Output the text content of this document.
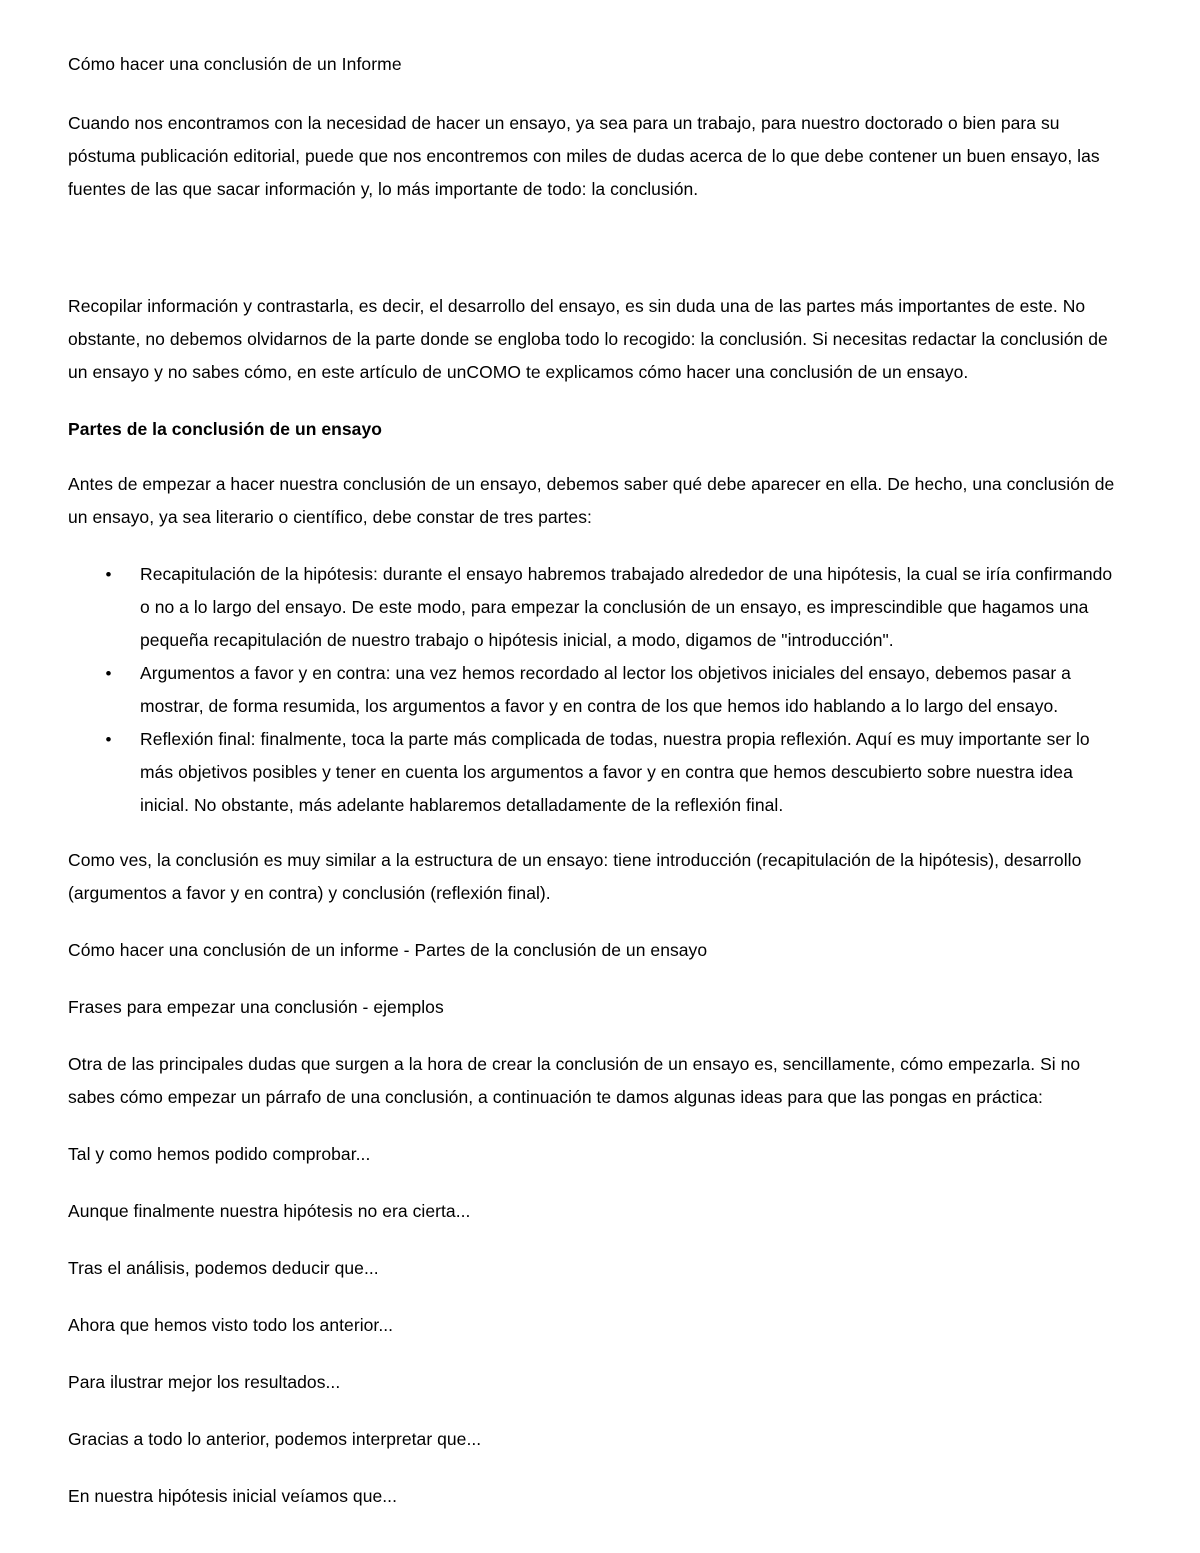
Cómo hacer una conclusión de un Informe

Cuando nos encontramos con la necesidad de hacer un ensayo, ya sea para un trabajo, para nuestro doctorado o bien para su póstuma publicación editorial, puede que nos encontremos con miles de dudas acerca de lo que debe contener un buen ensayo, las fuentes de las que sacar información y, lo más importante de todo: la conclusión.

Recopilar información y contrastarla, es decir, el desarrollo del ensayo, es sin duda una de las partes más importantes de este. No obstante, no debemos olvidarnos de la parte donde se engloba todo lo recogido: la conclusión. Si necesitas redactar la conclusión de un ensayo y no sabes cómo, en este artículo de unCOMO te explicamos cómo hacer una conclusión de un ensayo.

Partes de la conclusión de un ensayo

Antes de empezar a hacer nuestra conclusión de un ensayo, debemos saber qué debe aparecer en ella. De hecho, una conclusión de un ensayo, ya sea literario o científico, debe constar de tres partes:

• Recapitulación de la hipótesis: durante el ensayo habremos trabajado alrededor de una hipótesis, la cual se iría confirmando o no a lo largo del ensayo. De este modo, para empezar la conclusión de un ensayo, es imprescindible que hagamos una pequeña recapitulación de nuestro trabajo o hipótesis inicial, a modo, digamos de "introducción".
• Argumentos a favor y en contra: una vez hemos recordado al lector los objetivos iniciales del ensayo, debemos pasar a mostrar, de forma resumida, los argumentos a favor y en contra de los que hemos ido hablando a lo largo del ensayo.
• Reflexión final: finalmente, toca la parte más complicada de todas, nuestra propia reflexión. Aquí es muy importante ser lo más objetivos posibles y tener en cuenta los argumentos a favor y en contra que hemos descubierto sobre nuestra idea inicial. No obstante, más adelante hablaremos detalladamente de la reflexión final.

Como ves, la conclusión es muy similar a la estructura de un ensayo: tiene introducción (recapitulación de la hipótesis), desarrollo (argumentos a favor y en contra) y conclusión (reflexión final).

Cómo hacer una conclusión de un informe - Partes de la conclusión de un ensayo

Frases para empezar una conclusión - ejemplos

Otra de las principales dudas que surgen a la hora de crear la conclusión de un ensayo es, sencillamente, cómo empezarla. Si no sabes cómo empezar un párrafo de una conclusión, a continuación te damos algunas ideas para que las pongas en práctica:

Tal y como hemos podido comprobar...

Aunque finalmente nuestra hipótesis no era cierta...

Tras el análisis, podemos deducir que...

Ahora que hemos visto todo los anterior...

Para ilustrar mejor los resultados...

Gracias a todo lo anterior, podemos interpretar que...

En nuestra hipótesis inicial veíamos que...
